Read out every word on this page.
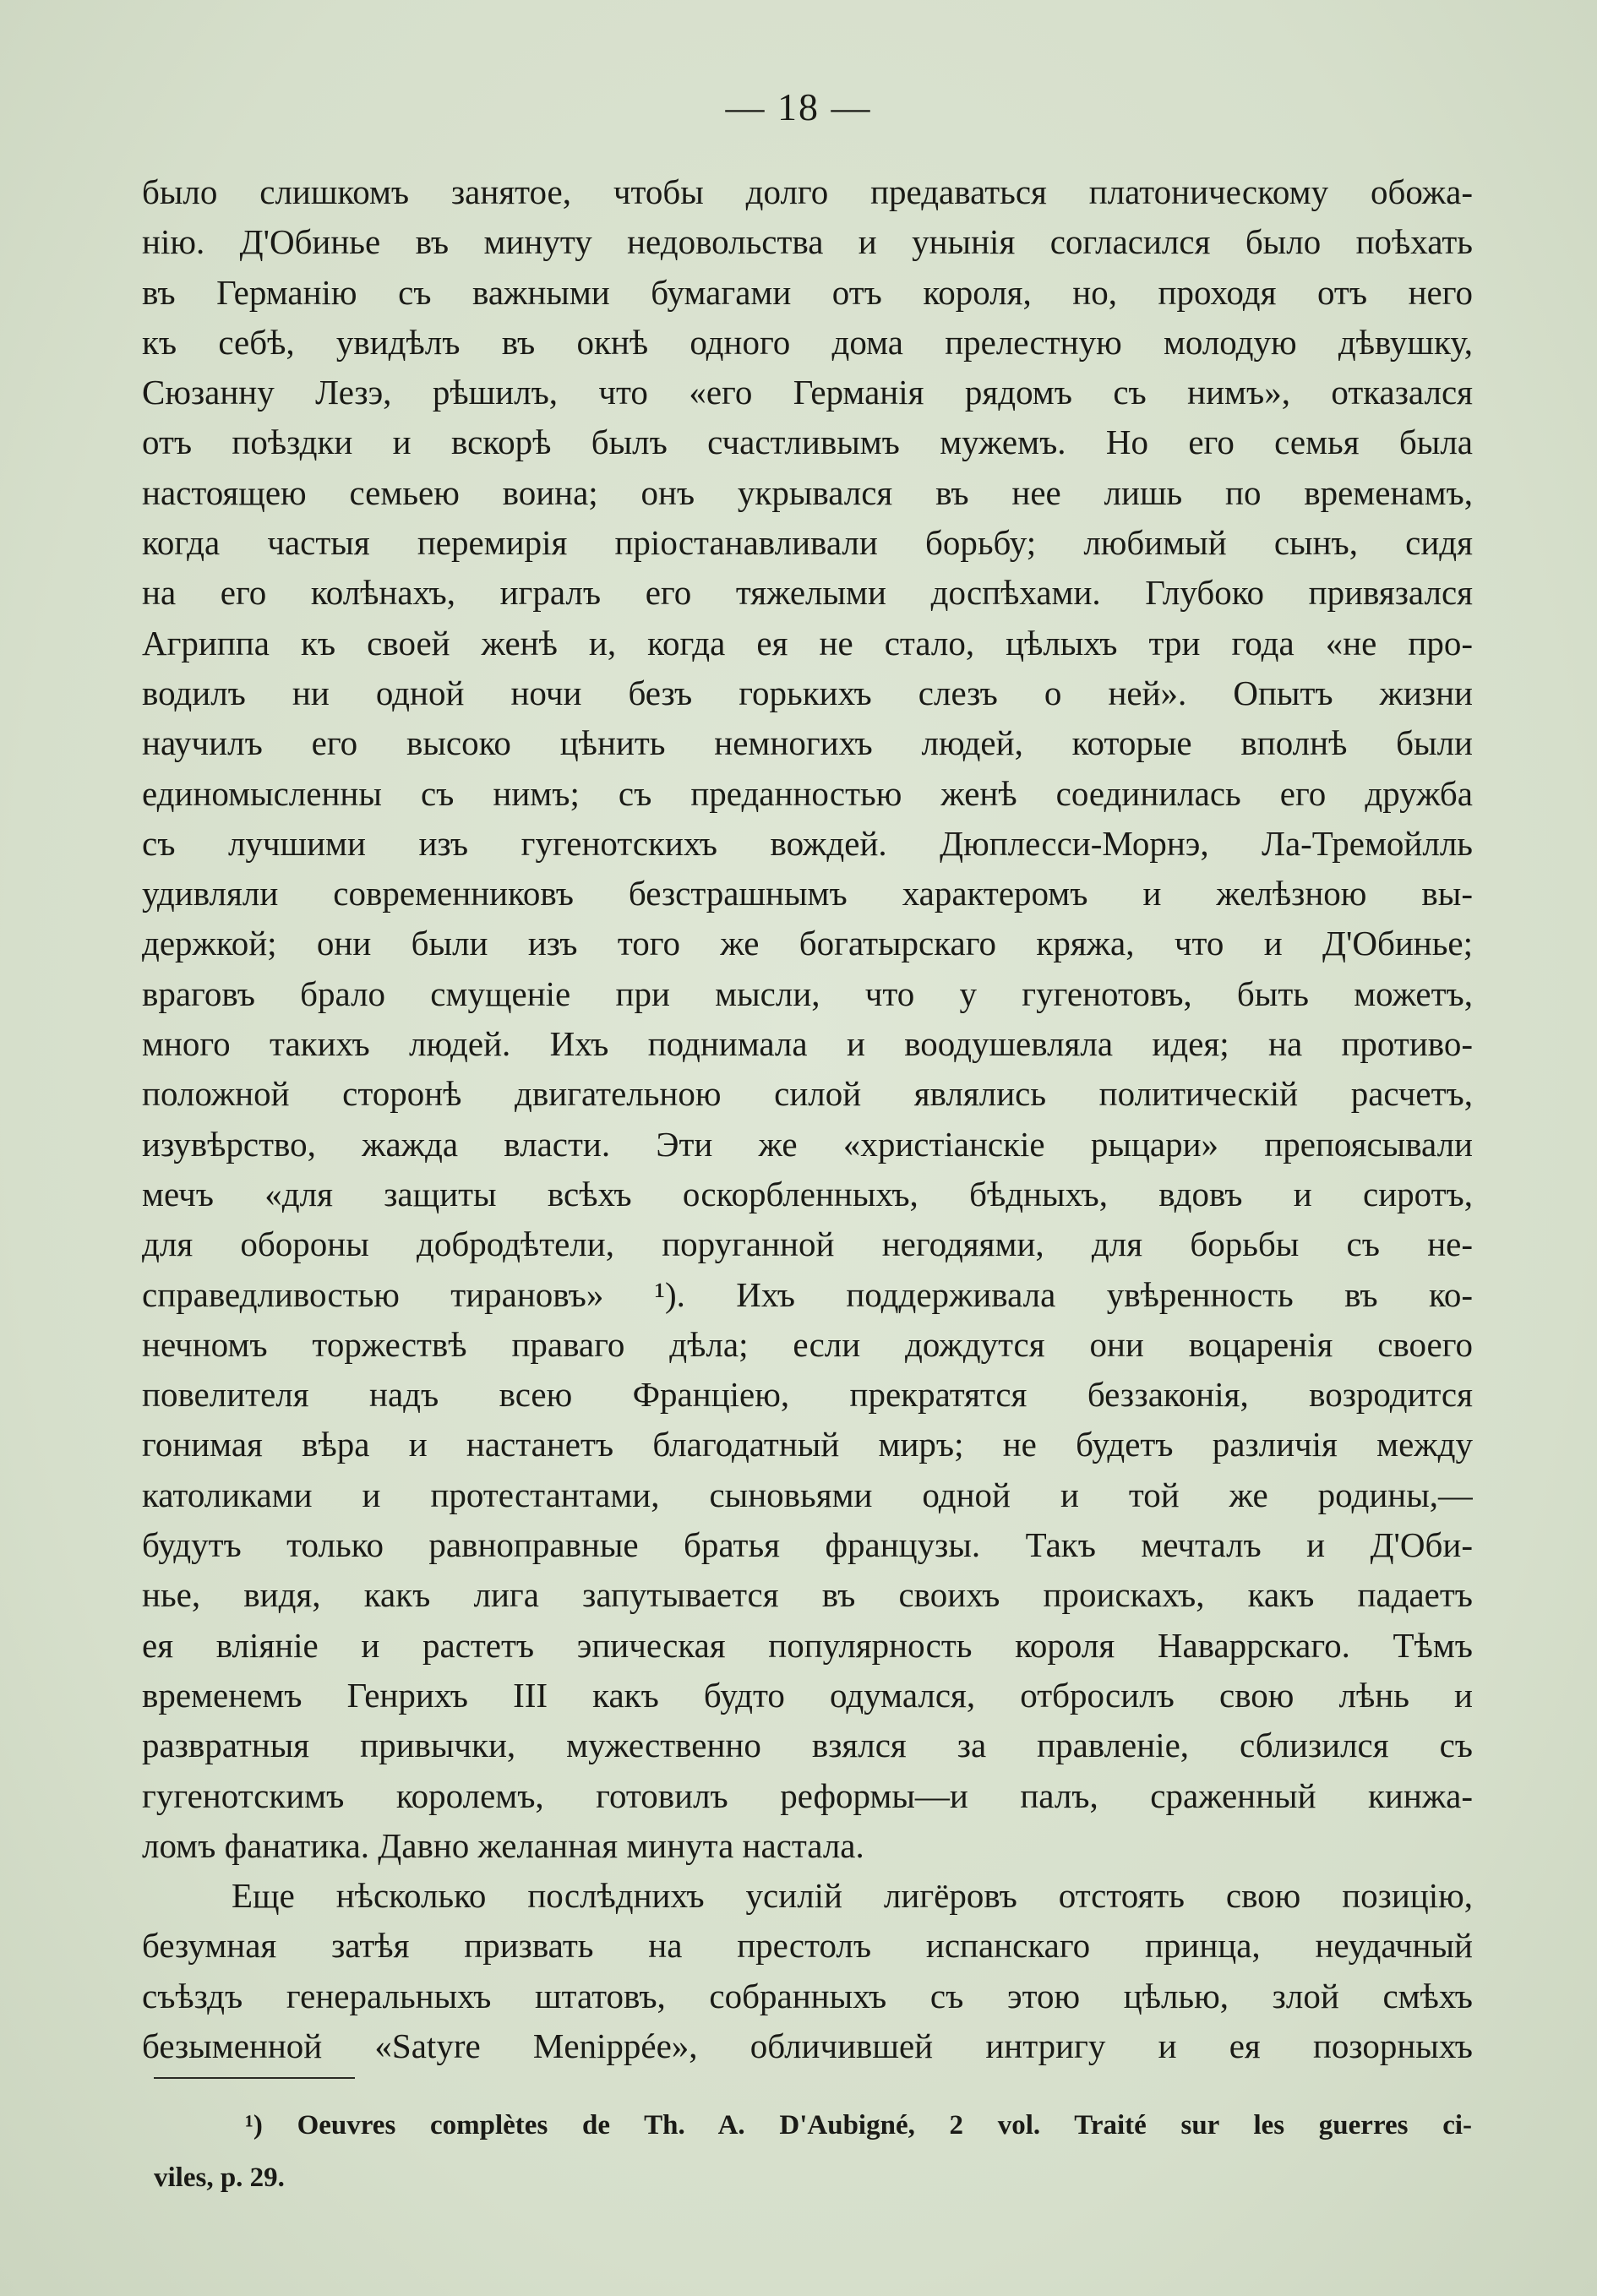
— 18 —
было слишкомъ занятое, чтобы долго предаваться платоническому обожа-
нію. Д'Обинье въ минуту недовольства и унынія согласился было поѣхать
въ Германію съ важными бумагами отъ короля, но, проходя отъ него
къ себѣ, увидѣлъ въ окнѣ одного дома прелестную молодую дѣвушку,
Сюзанну Лезэ, рѣшилъ, что «его Германія рядомъ съ нимъ», отказался
отъ поѣздки и вскорѣ былъ счастливымъ мужемъ. Но его семья была
настоящею семьею воина; онъ укрывался въ нее лишь по временамъ,
когда частыя перемирія пріостанавливали борьбу; любимый сынъ, сидя
на его колѣнахъ, игралъ его тяжелыми доспѣхами. Глубоко привязался
Агриппа къ своей женѣ и, когда ея не стало, цѣлыхъ три года «не про-
водилъ ни одной ночи безъ горькихъ слезъ о ней». Опытъ жизни
научилъ его высоко цѣнить немногихъ людей, которые вполнѣ были
единомысленны съ нимъ; съ преданностью женѣ соединилась его дружба
съ лучшими изъ гугенотскихъ вождей. Дюплесси-Морнэ, Ла-Тремойлль
удивляли современниковъ безстрашнымъ характеромъ и желѣзною вы-
держкой; они были изъ того же богатырскаго кряжа, что и Д'Обинье;
враговъ брало смущеніе при мысли, что у гугенотовъ, быть можетъ,
много такихъ людей. Ихъ поднимала и воодушевляла идея; на противо-
положной сторонѣ двигательною силой являлись политическій расчетъ,
изувѣрство, жажда власти. Эти же «христіанскіе рыцари» препоясывали
мечъ «для защиты всѣхъ оскорбленныхъ, бѣдныхъ, вдовъ и сиротъ,
для обороны добродѣтели, поруганной негодяями, для борьбы съ не-
справедливостью тирановъ» ¹). Ихъ поддерживала увѣренность въ ко-
нечномъ торжествѣ праваго дѣла; если дождутся они воцаренія своего
повелителя надъ всею Франціею, прекратятся беззаконія, возродится
гонимая вѣра и настанетъ благодатный миръ; не будетъ различія между
католиками и протестантами, сыновьями одной и той же родины,—
будутъ только равноправные братья французы. Такъ мечталъ и Д'Оби-
нье, видя, какъ лига запутывается въ своихъ проискахъ, какъ падаетъ
ея вліяніе и растетъ эпическая популярность короля Наваррскаго. Тѣмъ
временемъ Генрихъ III какъ будто одумался, отбросилъ свою лѣнь и
развратныя привычки, мужественно взялся за правленіе, сблизился съ
гугенотскимъ королемъ, готовилъ реформы—и палъ, сраженный кинжа-
ломъ фанатика. Давно желанная минута настала.
Еще нѣсколько послѣднихъ усилій лигёровъ отстоять свою позицію,
безумная затѣя призвать на престолъ испанскаго принца, неудачный
съѣздъ генеральныхъ штатовъ, собранныхъ съ этою цѣлью, злой смѣхъ
безыменной «Satyre Menippée», обличившей интригу и ея позорныхъ
¹) Oeuvres complètes de Th. A. D'Aubigné, 2 vol. Traité sur les guerres ci-
viles, p. 29.
